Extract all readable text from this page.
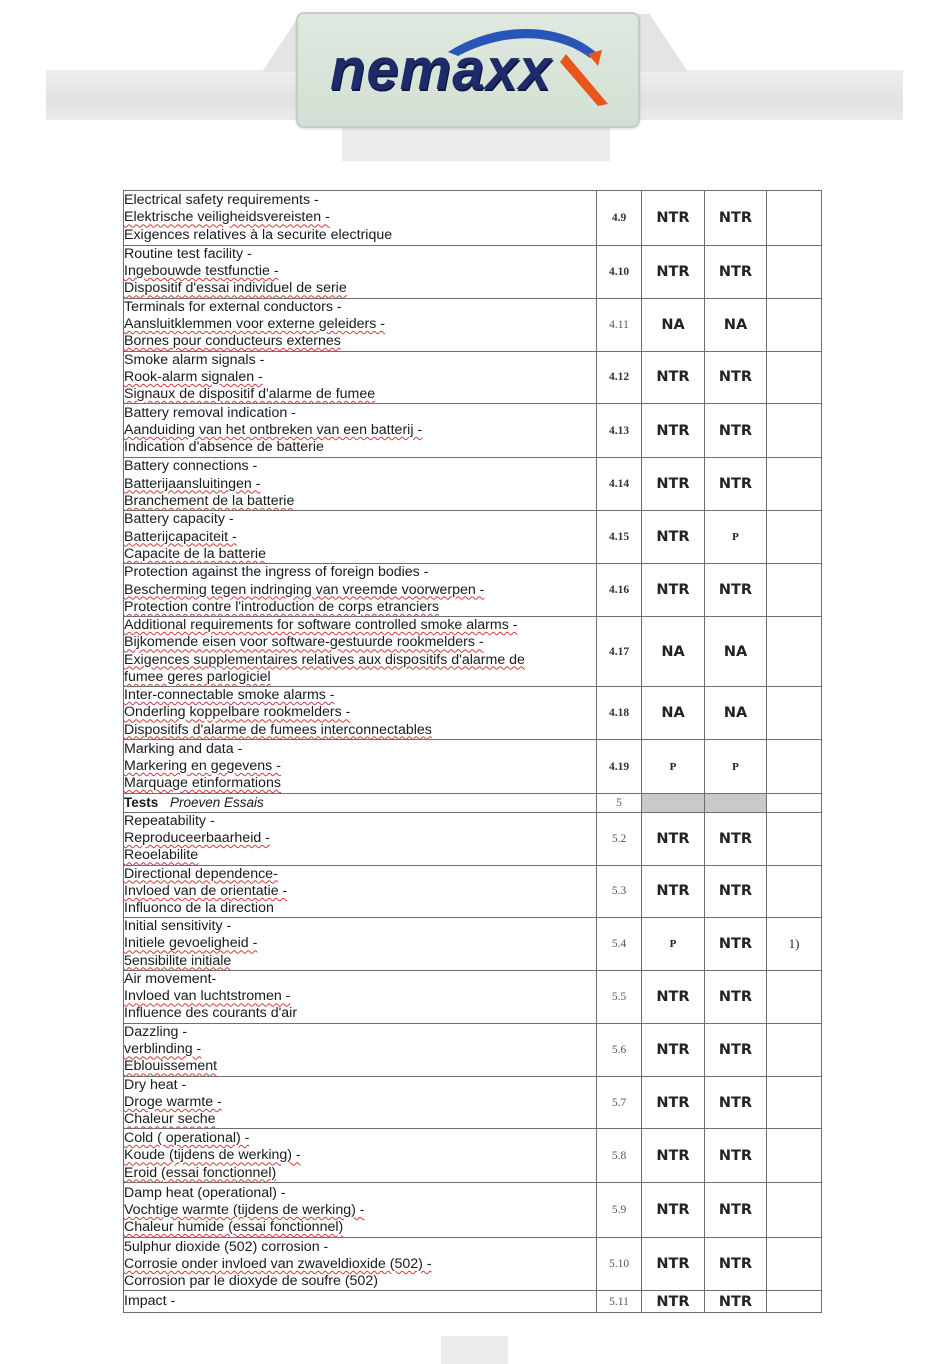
nemaxx
Electrical safety requirements -
Elektrische veiligheidsvereisten -
Exigences relatives à la securite electrique	4.9	NTR	NTR	

Routine test facility -
Ingebouwde testfunctie -
Dispositif d'essai individuel de serie	4.10	NTR	NTR	

Terminals for external conductors -
Aansluitklemmen voor externe geleiders -
Bornes pour conducteurs externes	4.11	NA	NA	

Smoke alarm signals -
Rook-alarm signalen -
Signaux de dispositif d'alarme de fumee	4.12	NTR	NTR	

Battery removal indication -
Aanduiding van het ontbreken van een batterij -
Indication d'absence de batterie	4.13	NTR	NTR	

Battery connections -
Batterijaansluitingen -
Branchement de la batterie	4.14	NTR	NTR	

Battery capacity -
Batterijcapaciteit -
Capacite de la batterie	4.15	NTR	P	

Protection against the ingress of foreign bodies -
Bescherming tegen indringing van vreemde voorwerpen -
Protection contre l'introduction de corps etranciers	4.16	NTR	NTR	

Additional requirements for software controlled smoke alarms -
Bijkomende eisen voor software-gestuurde rookmelders -
Exigences supplementaires relatives aux dispositifs d'alarme de
fumee geres parlogiciel	4.17	NA	NA	

Inter-connectable smoke alarms -
Onderling koppelbare rookmelders -
Dispositifs d'alarme de fumees interconnectables	4.18	NA	NA	

Marking and data -
Markering en gegevens -
Marquage etinformations	4.19	P	P	
Tests Proeven Essais	5			

Repeatability -
Reproduceerbaarheid -
Reoelabilite	5.2	NTR	NTR	

Directional dependence-
Invloed van de orientatie -
Influonco de la direction	5.3	NTR	NTR	

Initial sensitivity -
Initiele gevoeligheid -
5ensibilite initiale	5.4	P	NTR	1)

Air movement-
Invloed van luchtstromen -
Influence des courants d'air	5.5	NTR	NTR	

Dazzling -
verblinding -
Eblouissement	5.6	NTR	NTR	

Dry heat -
Droge warmte -
Chaleur seche	5.7	NTR	NTR	

Cold ( operational) -
Koude (tijdens de werking) -
Eroid (essai fonctionnel)	5.8	NTR	NTR	

Damp heat (operational) -
Vochtige warmte (tijdens de werking) -
Chaleur humide (essai fonctionnel)	5.9	NTR	NTR	

5ulphur dioxide (502) corrosion -
Corrosie onder invloed van zwaveldioxide (502) -
Corrosion par le dioxyde de soufre (502)	5.10	NTR	NTR	

Impact -	5.11	NTR	NTR	
